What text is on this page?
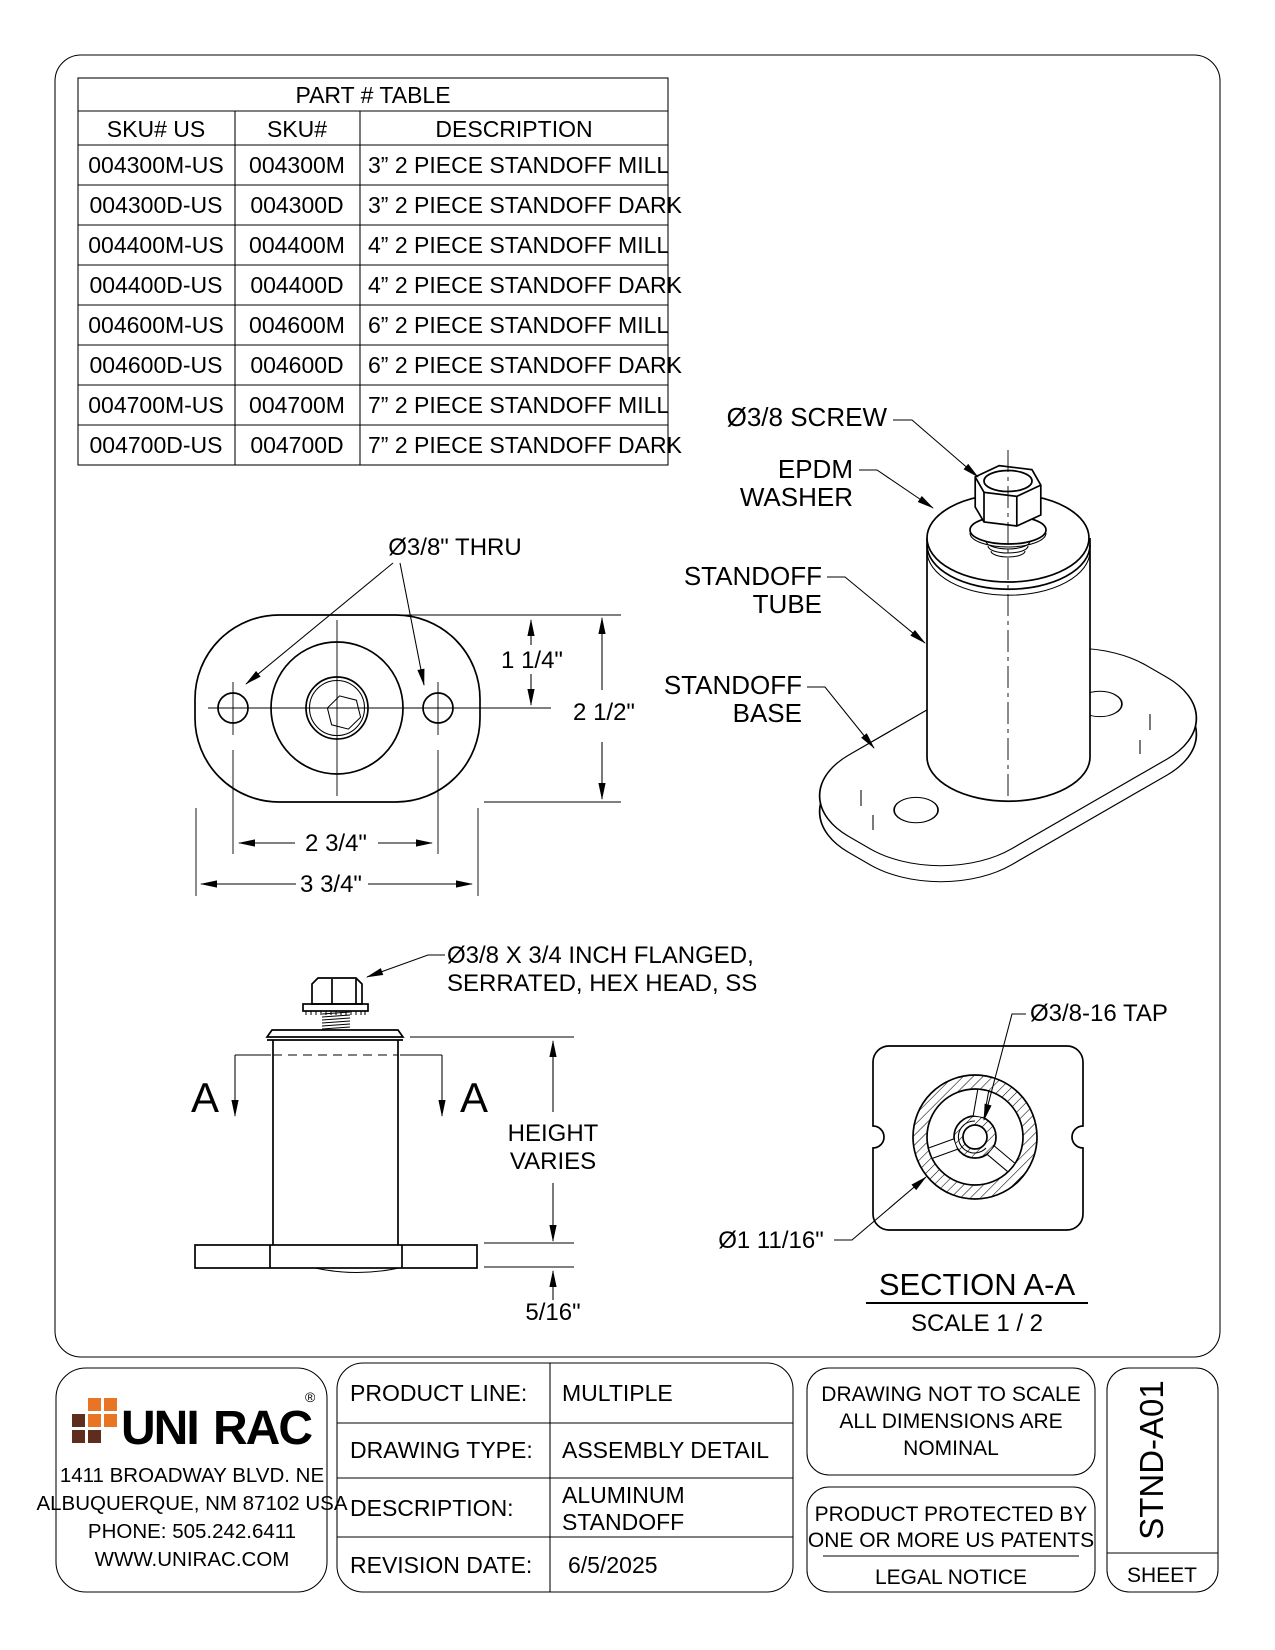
PART # TABLE
SKU# US	SKU#	DESCRIPTION
004300M-US 004300M 3” 2 PIECE STANDOFF MILL
004300D-US 004300D 3” 2 PIECE STANDOFF DARK
004400M-US 004400M 4” 2 PIECE STANDOFF MILL
004400D-US 004400D 4” 2 PIECE STANDOFF DARK
004600M-US 004600M 6” 2 PIECE STANDOFF MILL
004600D-US 004600D 6” 2 PIECE STANDOFF DARK
004700M-US 004700M 7” 2 PIECE STANDOFF MILL
004700D-US 004700D 7” 2 PIECE STANDOFF DARK
Ø3/8" THRU
1 1/4"
2 1/2"
2 3/4"
3 3/4"
Ø3/8 SCREW
EPDM
WASHER
STANDOFF
TUBE
STANDOFF
BASE
A	A
HEIGHT
VARIES
5/16"
Ø3/8 X 3/4 INCH FLANGED,
SERRATED, HEX HEAD, SS
Ø3/8-16 TAP
Ø1 11/16"
SECTION A-A
SCALE 1 / 2
UNI RAC
®
1411 BROADWAY BLVD. NE
ALBUQUERQUE, NM 87102 USA
PHONE: 505.242.6411
WWW.UNIRAC.COM
PRODUCT LINE: MULTIPLE
DRAWING TYPE: ASSEMBLY DETAIL
DESCRIPTION: ALUMINUM
STANDOFF
REVISION DATE: 6/5/2025
DRAWING NOT TO SCALE
ALL DIMENSIONS ARE
NOMINAL
PRODUCT PROTECTED BY
ONE OR MORE US PATENTS
LEGAL NOTICE
STND-A01
SHEET
